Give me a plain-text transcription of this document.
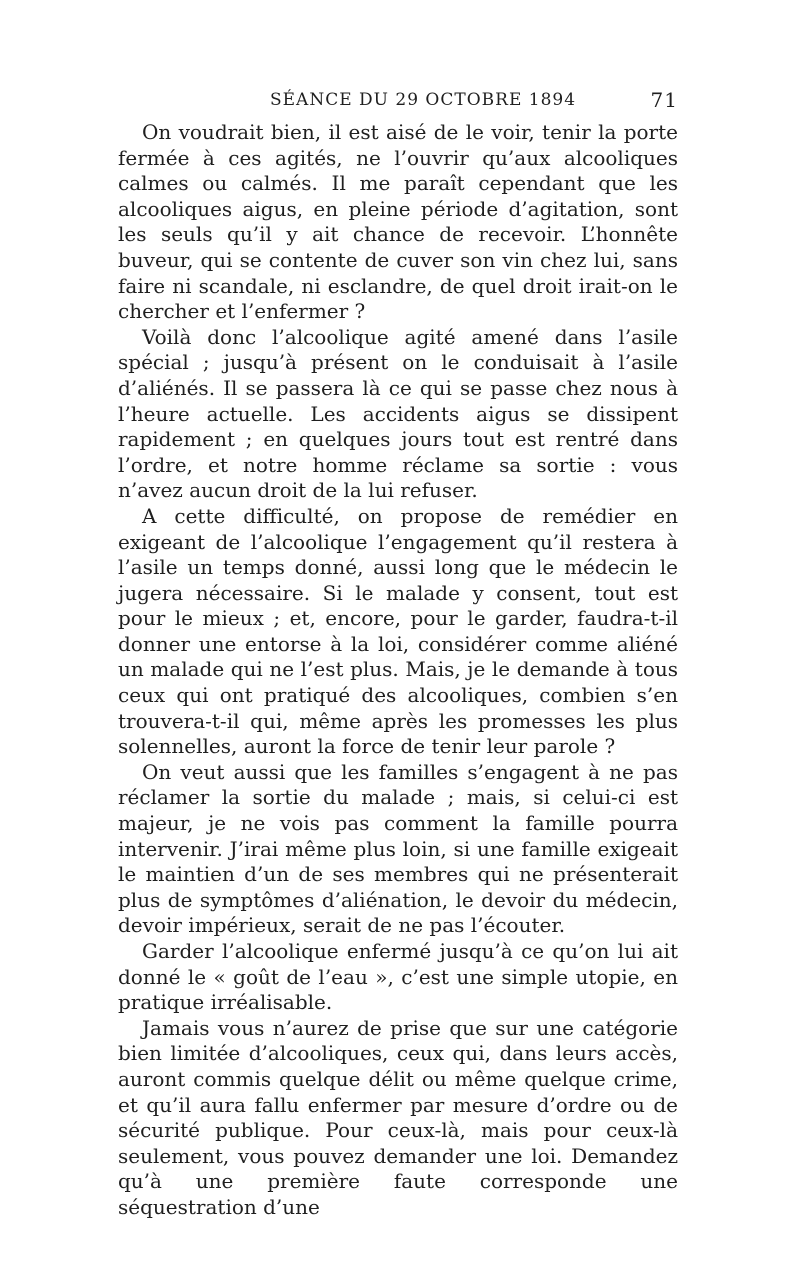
SÉANCE DU 29 OCTOBRE 1894	71

On voudrait bien, il est aisé de le voir, tenir la porte fermée à ces agités, ne l’ouvrir qu’aux alcooliques calmes ou calmés. Il me paraît cependant que les alcooliques aigus, en pleine période d’agitation, sont les seuls qu’il y ait chance de recevoir. L’honnête buveur, qui se contente de cuver son vin chez lui, sans faire ni scandale, ni esclandre, de quel droit irait-on le chercher et l’enfermer ?

Voilà donc l’alcoolique agité amené dans l’asile spécial ; jusqu’à présent on le conduisait à l’asile d’aliénés. Il se passera là ce qui se passe chez nous à l’heure actuelle. Les accidents aigus se dissipent rapidement ; en quelques jours tout est rentré dans l’ordre, et notre homme réclame sa sortie : vous n’avez aucun droit de la lui refuser.

A cette difficulté, on propose de remédier en exigeant de l’alcoolique l’engagement qu’il restera à l’asile un temps donné, aussi long que le médecin le jugera nécessaire. Si le malade y consent, tout est pour le mieux ; et, encore, pour le garder, faudra-t-il donner une entorse à la loi, considérer comme aliéné un malade qui ne l’est plus. Mais, je le demande à tous ceux qui ont pratiqué des alcooliques, combien s’en trouvera-t-il qui, même après les promesses les plus solennelles, auront la force de tenir leur parole ?

On veut aussi que les familles s’engagent à ne pas réclamer la sortie du malade ; mais, si celui-ci est majeur, je ne vois pas comment la famille pourra intervenir. J’irai même plus loin, si une famille exigeait le maintien d’un de ses membres qui ne présenterait plus de symptômes d’aliénation, le devoir du médecin, devoir impérieux, serait de ne pas l’écouter.

Garder l’alcoolique enfermé jusqu’à ce qu’on lui ait donné le « goût de l’eau », c’est une simple utopie, en pratique irréalisable.

Jamais vous n’aurez de prise que sur une catégorie bien limitée d’alcooliques, ceux qui, dans leurs accès, auront commis quelque délit ou même quelque crime, et qu’il aura fallu enfermer par mesure d’ordre ou de sécurité publique. Pour ceux-là, mais pour ceux-là seulement, vous pouvez demander une loi. Demandez qu’à une première faute corresponde une séquestration d’une
